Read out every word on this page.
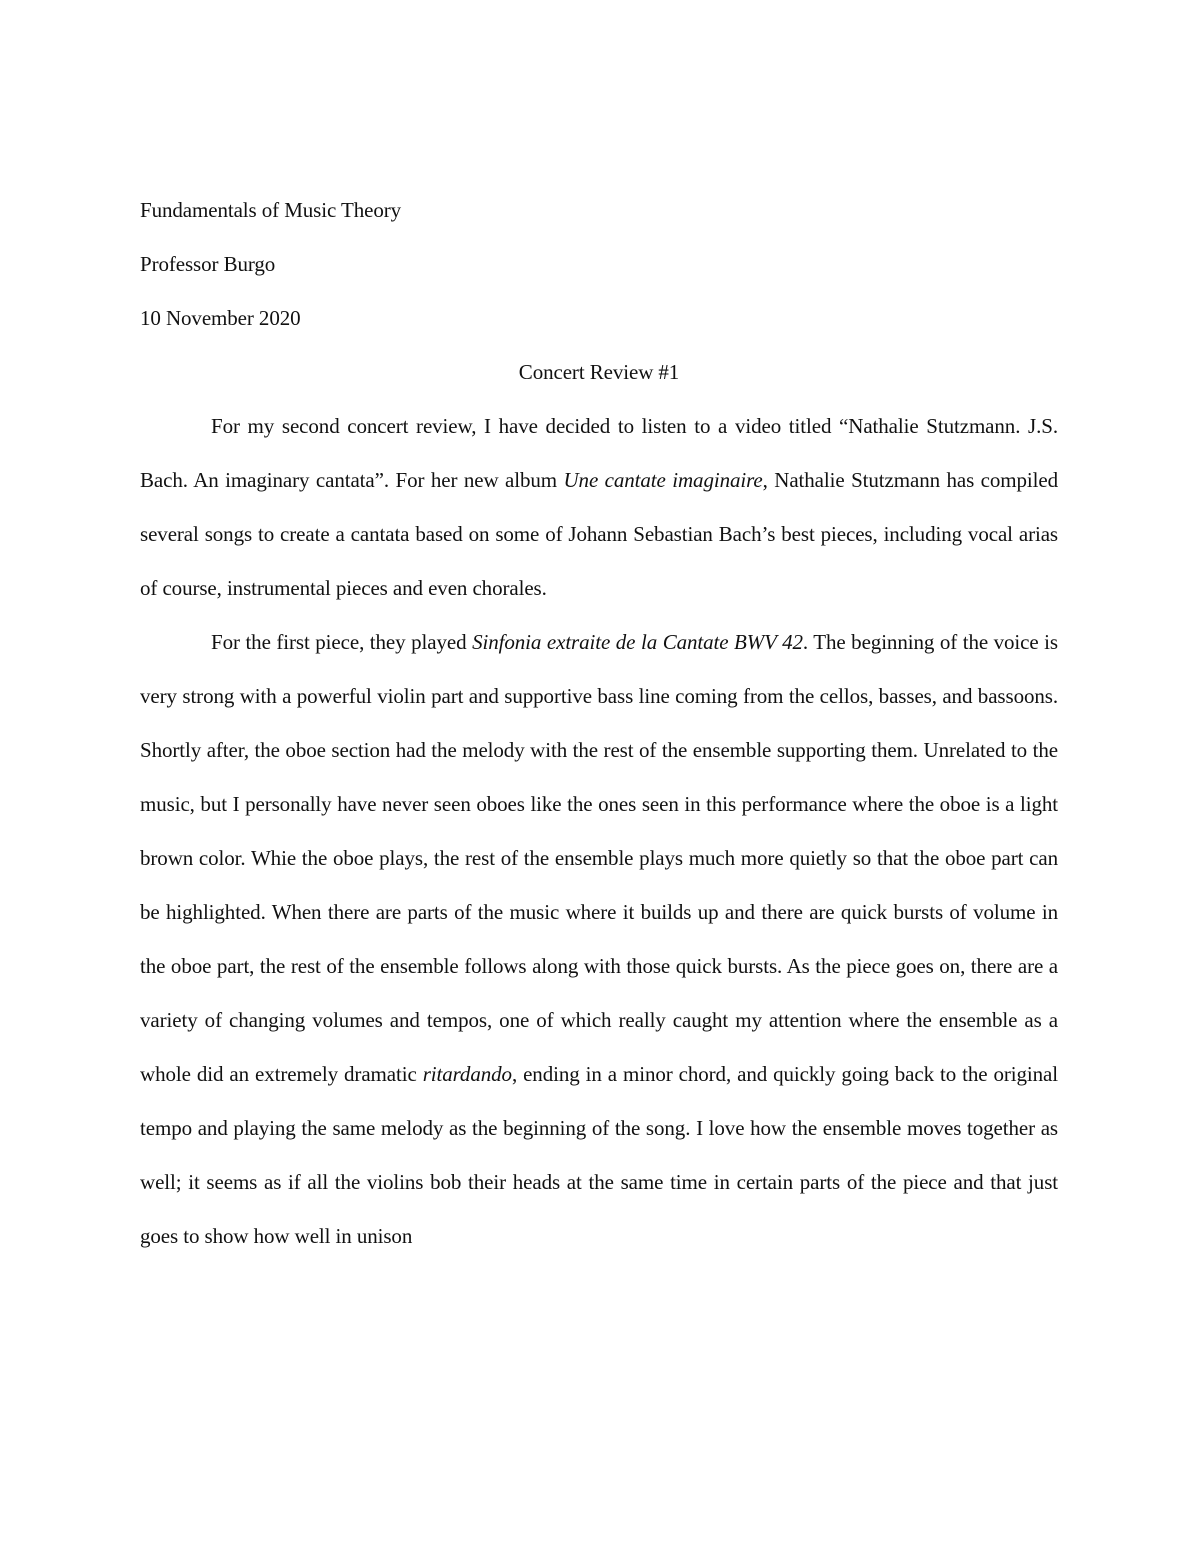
Fundamentals of Music Theory

Professor Burgo

10 November 2020

Concert Review #1

For my second concert review, I have decided to listen to a video titled “Nathalie Stutzmann. J.S. Bach. An imaginary cantata”. For her new album Une cantate imaginaire, Nathalie Stutzmann has compiled several songs to create a cantata based on some of Johann Sebastian Bach’s best pieces, including vocal arias of course, instrumental pieces and even chorales.

For the first piece, they played Sinfonia extraite de la Cantate BWV 42. The beginning of the voice is very strong with a powerful violin part and supportive bass line coming from the cellos, basses, and bassoons. Shortly after, the oboe section had the melody with the rest of the ensemble supporting them. Unrelated to the music, but I personally have never seen oboes like the ones seen in this performance where the oboe is a light brown color. Whie the oboe plays, the rest of the ensemble plays much more quietly so that the oboe part can be highlighted. When there are parts of the music where it builds up and there are quick bursts of volume in the oboe part, the rest of the ensemble follows along with those quick bursts. As the piece goes on, there are a variety of changing volumes and tempos, one of which really caught my attention where the ensemble as a whole did an extremely dramatic ritardando, ending in a minor chord, and quickly going back to the original tempo and playing the same melody as the beginning of the song. I love how the ensemble moves together as well; it seems as if all the violins bob their heads at the same time in certain parts of the piece and that just goes to show how well in unison
